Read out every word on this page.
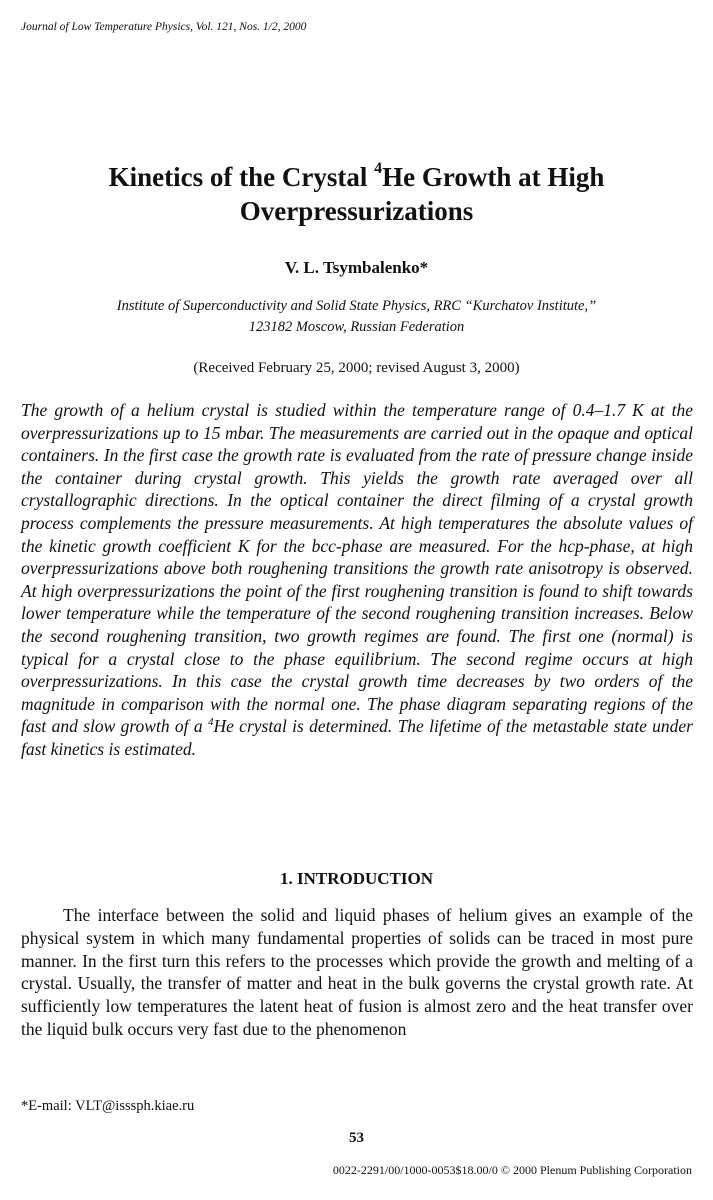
Journal of Low Temperature Physics, Vol. 121, Nos. 1/2, 2000
Kinetics of the Crystal $^4$He Growth at High Overpressurizations
V. L. Tsymbalenko*
Institute of Superconductivity and Solid State Physics, RRC “Kurchatov Institute,”
123182 Moscow, Russian Federation
(Received February 25, 2000; revised August 3, 2000)

The growth of a helium crystal is studied within the temperature range of 0.4–1.7 K at the overpressurizations up to 15 mbar. The measurements are carried out in the opaque and optical containers. In the first case the growth rate is evaluated from the rate of pressure change inside the container during crystal growth. This yields the growth rate averaged over all crystallographic directions. In the optical container the direct filming of a crystal growth process complements the pressure measurements. At high temperatures the absolute values of the kinetic growth coefficient K for the bcc-phase are measured. For the hcp-phase, at high overpressurizations above both roughening transitions the growth rate anisotropy is observed. At high overpressurizations the point of the first roughening transition is found to shift towards lower temperature while the temperature of the second roughening transition increases. Below the second roughening transition, two growth regimes are found. The first one (normal) is typical for a crystal close to the phase equilibrium. The second regime occurs at high overpressurizations. In this case the crystal growth time decreases by two orders of the magnitude in comparison with the normal one. The phase diagram separating regions of the fast and slow growth of a $^4$He crystal is determined. The lifetime of the metastable state under fast kinetics is estimated.

1. INTRODUCTION

The interface between the solid and liquid phases of helium gives an example of the physical system in which many fundamental properties of solids can be traced in most pure manner. In the first turn this refers to the processes which provide the growth and melting of a crystal. Usually, the transfer of matter and heat in the bulk governs the crystal growth rate. At sufficiently low temperatures the latent heat of fusion is almost zero and the heat transfer over the liquid bulk occurs very fast due to the phenomenon

*E-mail: VLT@isssph.kiae.ru
53
0022-2291/00/1000-0053$18.00/0 © 2000 Plenum Publishing Corporation
